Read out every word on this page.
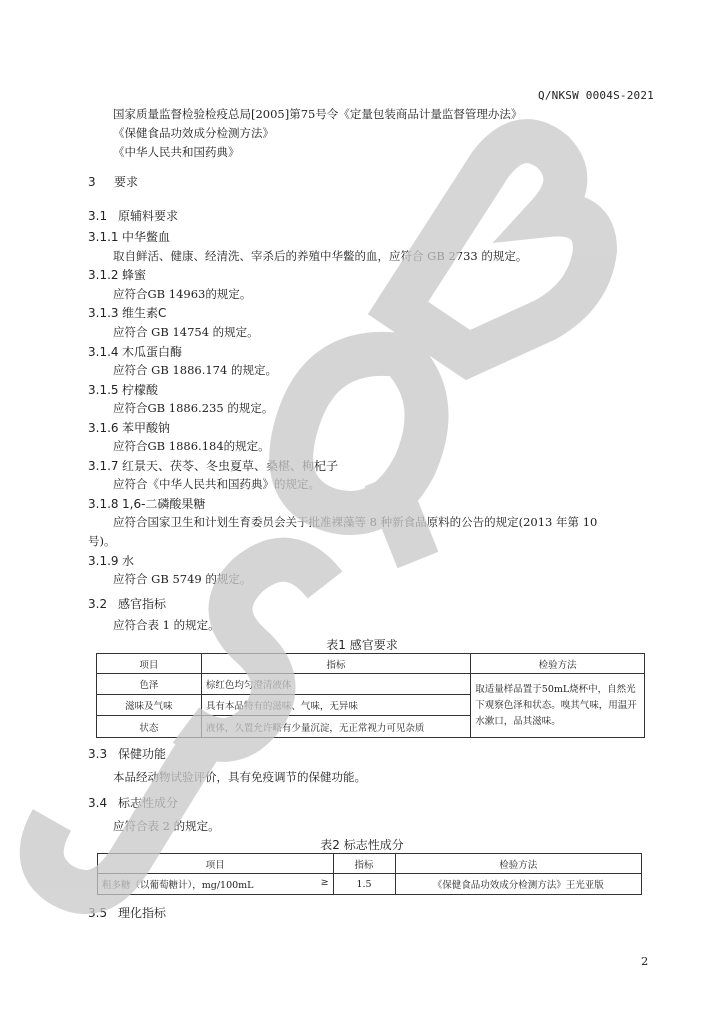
Q/NKSW 0004S-2021
国家质量监督检验检疫总局[2005]第75号令《定量包装商品计量监督管理办法》
《保健食品功效成分检测方法》
《中华人民共和国药典》
3 要求
3.1 原辅料要求
3.1.1 中华鳖血
取自鲜活、健康、经清洗、宰杀后的养殖中华鳖的血，应符合 GB 2733 的规定。
3.1.2 蜂蜜
应符合GB 14963的规定。
3.1.3 维生素C
应符合 GB 14754 的规定。
3.1.4 木瓜蛋白酶
应符合 GB 1886.174 的规定。
3.1.5 柠檬酸
应符合GB 1886.235 的规定。
3.1.6 苯甲酸钠
应符合GB 1886.184的规定。
3.1.7 红景天、茯苓、冬虫夏草、桑椹、枸杞子
应符合《中华人民共和国药典》的规定。
3.1.8 1,6-二磷酸果糖
应符合国家卫生和计划生育委员会关于批准裸藻等 8 种新食品原料的公告的规定(2013 年第 10
号)。
3.1.9 水
应符合 GB 5749 的规定。
3.2 感官指标
应符合表 1 的规定。
表1 感官要求
项目	指标	检验方法
色泽	棕红色均匀澄清液体	取适量样品置于50mL烧杯中，自然光下观察色泽和状态。嗅其气味，用温开水漱口，品其滋味。
滋味及气味	具有本品特有的滋味、气味，无异味	
状态	液体，久置允许略有少量沉淀，无正常视力可见杂质	
3.3 保健功能
本品经动物试验评价，具有免疫调节的保健功能。
3.4 标志性成分
应符合表 2 的规定。
表2 标志性成分
项目	指标	检验方法
粗多糖（以葡萄糖计），mg/100mL ≥	1.5	《保健食品功效成分检测方法》王光亚版
3.5 理化指标
2
